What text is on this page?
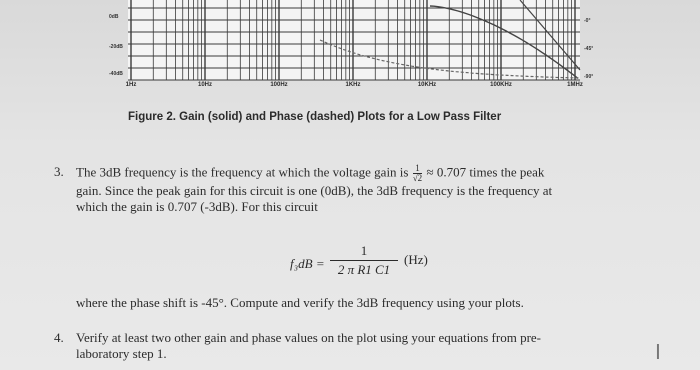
0dB
-20dB
-40dB
-0°
-45°
-90°
1Hz	10Hz	100Hz	1KHz	10KHz	100KHz	1MHz
Figure 2. Gain (solid) and Phase (dashed) Plots for a Low Pass Filter
3. The 3dB frequency is the frequency at which the voltage gain is $\frac{1}{√2} \approx 0.707$ times the peak
gain. Since the peak gain for this circuit is one (0dB), the 3dB frequency is the frequency at
which the gain is 0.707 (-3dB). For this circuit
$f_3dB = \frac{1}{\text{2 π R1 C1}} (Hz)$
where the phase shift is -45°. Compute and verify the 3dB frequency using your plots.
4. Verify at least two other gain and phase values on the plot using your equations from pre-
laboratory step 1.	I
